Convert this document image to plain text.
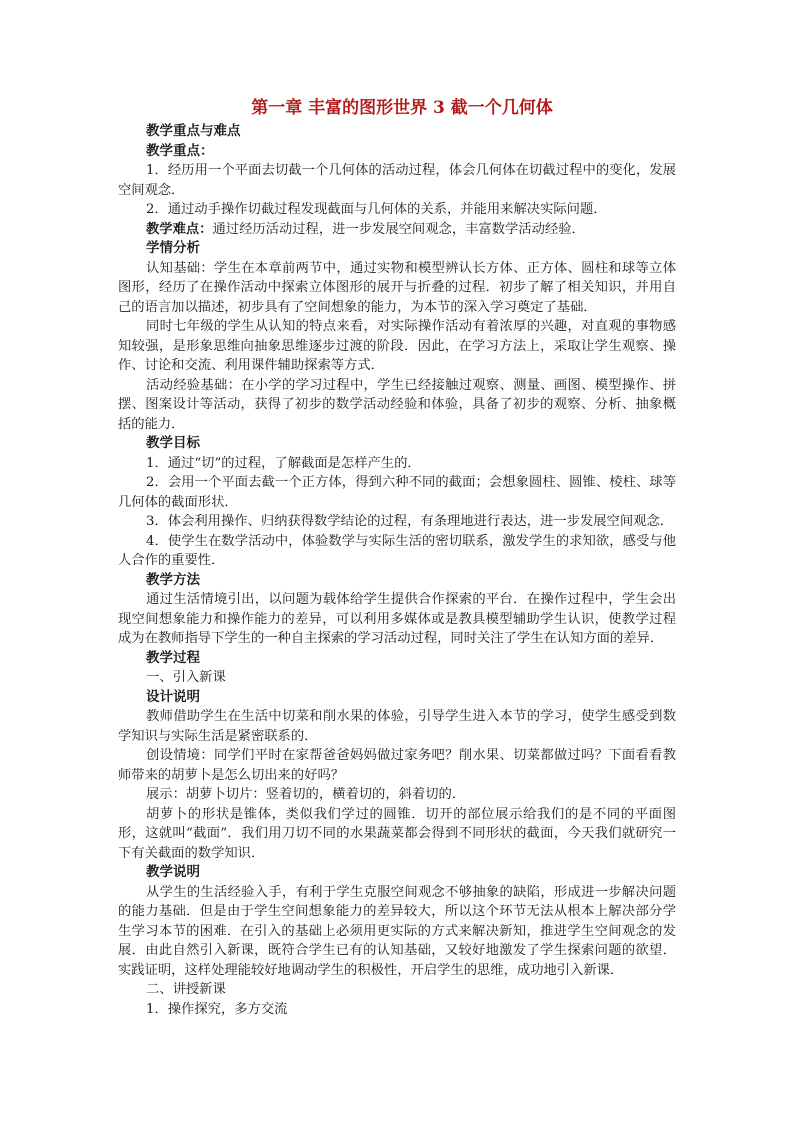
第一章 丰富的图形世界 3 截一个几何体

教学重点与难点

教学重点：

1．经历用一个平面去切截一个几何体的活动过程，体会几何体在切截过程中的变化，发展空间观念．

2．通过动手操作切截过程发现截面与几何体的关系，并能用来解决实际问题．

教学难点：通过经历活动过程，进一步发展空间观念，丰富数学活动经验．

学情分析

认知基础：学生在本章前两节中，通过实物和模型辨认长方体、正方体、圆柱和球等立体图形，经历了在操作活动中探索立体图形的展开与折叠的过程．初步了解了相关知识，并用自己的语言加以描述，初步具有了空间想象的能力，为本节的深入学习奠定了基础．

同时七年级的学生从认知的特点来看，对实际操作活动有着浓厚的兴趣，对直观的事物感知较强，是形象思维向抽象思维逐步过渡的阶段．因此，在学习方法上，采取让学生观察、操作、讨论和交流、利用课件辅助探索等方式．

活动经验基础：在小学的学习过程中，学生已经接触过观察、测量、画图、模型操作、拼摆、图案设计等活动，获得了初步的数学活动经验和体验，具备了初步的观察、分析、抽象概括的能力．

教学目标

1．通过“切”的过程，了解截面是怎样产生的．

2．会用一个平面去截一个正方体，得到六种不同的截面；会想象圆柱、圆锥、棱柱、球等几何体的截面形状．

3．体会利用操作、归纳获得数学结论的过程，有条理地进行表达，进一步发展空间观念．

4．使学生在数学活动中，体验数学与实际生活的密切联系，激发学生的求知欲，感受与他人合作的重要性．

教学方法

通过生活情境引出，以问题为载体给学生提供合作探索的平台．在操作过程中，学生会出现空间想象能力和操作能力的差异，可以利用多媒体或是教具模型辅助学生认识，使教学过程成为在教师指导下学生的一种自主探索的学习活动过程，同时关注了学生在认知方面的差异．

教学过程

一、引入新课

设计说明

教师借助学生在生活中切菜和削水果的体验，引导学生进入本节的学习，使学生感受到数学知识与实际生活是紧密联系的．

创设情境：同学们平时在家帮爸爸妈妈做过家务吧？削水果、切菜都做过吗？下面看看教师带来的胡萝卜是怎么切出来的好吗？

展示：胡萝卜切片：竖着切的，横着切的，斜着切的．

胡萝卜的形状是锥体，类似我们学过的圆锥．切开的部位展示给我们的是不同的平面图形，这就叫“截面”．我们用刀切不同的水果蔬菜都会得到不同形状的截面，今天我们就研究一下有关截面的数学知识．

教学说明

从学生的生活经验入手，有利于学生克服空间观念不够抽象的缺陷，形成进一步解决问题的能力基础．但是由于学生空间想象能力的差异较大，所以这个环节无法从根本上解决部分学生学习本节的困难．在引入的基础上必须用更实际的方式来解决新知，推进学生空间观念的发展．由此自然引入新课，既符合学生已有的认知基础，又较好地激发了学生探索问题的欲望．实践证明，这样处理能较好地调动学生的积极性，开启学生的思维，成功地引入新课．

二、讲授新课

1．操作探究，多方交流
